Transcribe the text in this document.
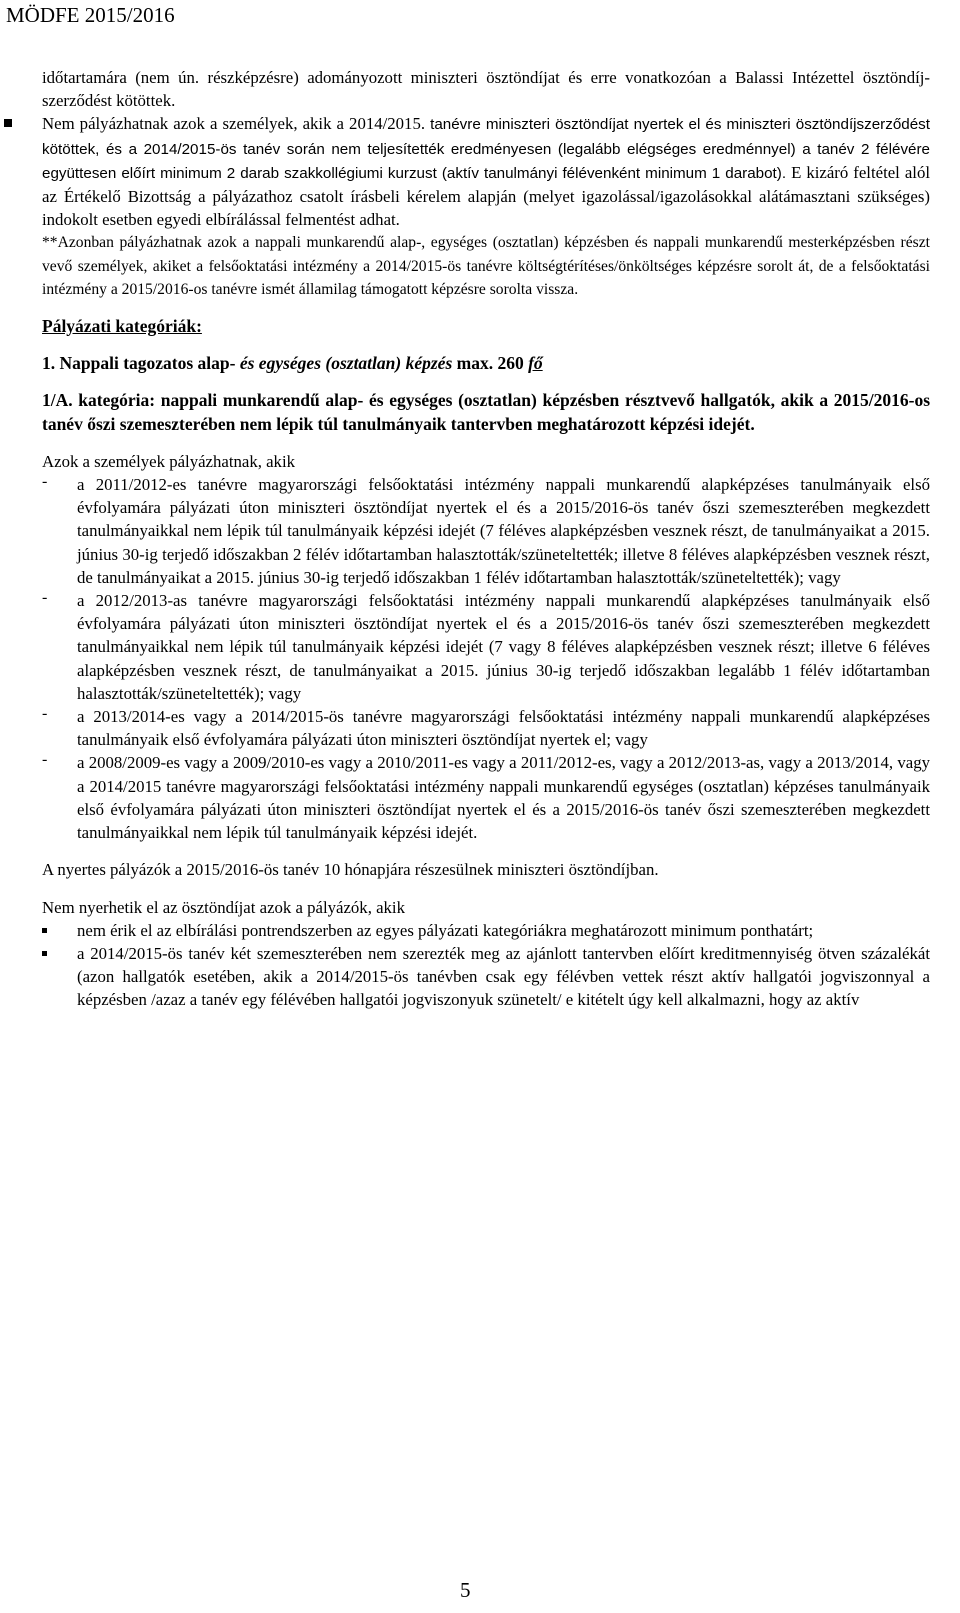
MÖDFE 2015/2016

időtartamára (nem ún. részképzésre) adományozott miniszteri ösztöndíjat és erre vonatkozóan a Balassi Intézettel ösztöndíj-szerződést kötöttek.

Nem pályázhatnak azok a személyek, akik a 2014/2015. tanévre miniszteri ösztöndíjat nyertek el és miniszteri ösztöndíjszerződést kötöttek, és a 2014/2015-ös tanév során nem teljesítették eredményesen (legalább elégséges eredménnyel) a tanév 2 félévére együttesen előírt minimum 2 darab szakkollégiumi kurzust (aktív tanulmányi félévenként minimum 1 darabot). E kizáró feltétel alól az Értékelő Bizottság a pályázathoz csatolt írásbeli kérelem alapján (melyet igazolással/igazolásokkal alátámasztani szükséges) indokolt esetben egyedi elbírálással felmentést adhat.

**Azonban pályázhatnak azok a nappali munkarendű alap-, egységes (osztatlan) képzésben és nappali munkarendű mesterképzésben részt vevő személyek, akiket a felsőoktatási intézmény a 2014/2015-ös tanévre költségtérítéses/önköltséges képzésre sorolt át, de a felsőoktatási intézmény a 2015/2016-os tanévre ismét államilag támogatott képzésre sorolta vissza.

Pályázati kategóriák:

1. Nappali tagozatos alap- és egységes (osztatlan) képzés max. 260 fő

1/A. kategória: nappali munkarendű alap- és egységes (osztatlan) képzésben résztvevő hallgatók, akik a 2015/2016-os tanév őszi szemeszterében nem lépik túl tanulmányaik tantervben meghatározott képzési idejét.

Azok a személyek pályázhatnak, akik

- a 2011/2012-es tanévre magyarországi felsőoktatási intézmény nappali munkarendű alapképzéses tanulmányaik első évfolyamára pályázati úton miniszteri ösztöndíjat nyertek el és a 2015/2016-ös tanév őszi szemeszterében megkezdett tanulmányaikkal nem lépik túl tanulmányaik képzési idejét (7 féléves alapképzésben vesznek részt, de tanulmányaikat a 2015. június 30-ig terjedő időszakban 2 félév időtartamban halasztották/szüneteltették; illetve 8 féléves alapképzésben vesznek részt, de tanulmányaikat a 2015. június 30-ig terjedő időszakban 1 félév időtartamban halasztották/szüneteltették); vagy

- a 2012/2013-as tanévre magyarországi felsőoktatási intézmény nappali munkarendű alapképzéses tanulmányaik első évfolyamára pályázati úton miniszteri ösztöndíjat nyertek el és a 2015/2016-ös tanév őszi szemeszterében megkezdett tanulmányaikkal nem lépik túl tanulmányaik képzési idejét (7 vagy 8 féléves alapképzésben vesznek részt; illetve 6 féléves alapképzésben vesznek részt, de tanulmányaikat a 2015. június 30-ig terjedő időszakban legalább 1 félév időtartamban halasztották/szüneteltették); vagy

- a 2013/2014-es vagy a 2014/2015-ös tanévre magyarországi felsőoktatási intézmény nappali munkarendű alapképzéses tanulmányaik első évfolyamára pályázati úton miniszteri ösztöndíjat nyertek el; vagy

- a 2008/2009-es vagy a 2009/2010-es vagy a 2010/2011-es vagy a 2011/2012-es, vagy a 2012/2013-as, vagy a 2013/2014, vagy a 2014/2015 tanévre magyarországi felsőoktatási intézmény nappali munkarendű egységes (osztatlan) képzéses tanulmányaik első évfolyamára pályázati úton miniszteri ösztöndíjat nyertek el és a 2015/2016-ös tanév őszi szemeszterében megkezdett tanulmányaikkal nem lépik túl tanulmányaik képzési idejét.

A nyertes pályázók a 2015/2016-ös tanév 10 hónapjára részesülnek miniszteri ösztöndíjban.

Nem nyerhetik el az ösztöndíjat azok a pályázók, akik

nem érik el az elbírálási pontrendszerben az egyes pályázati kategóriákra meghatározott minimum ponthatárt;

a 2014/2015-ös tanév két szemeszterében nem szerezték meg az ajánlott tantervben előírt kreditmennyiség ötven százalékát (azon hallgatók esetében, akik a 2014/2015-ös tanévben csak egy félévben vettek részt aktív hallgatói jogviszonnyal a képzésben /azaz a tanév egy félévében hallgatói jogviszonyuk szünetelt/ e kitételt úgy kell alkalmazni, hogy az aktív

5
